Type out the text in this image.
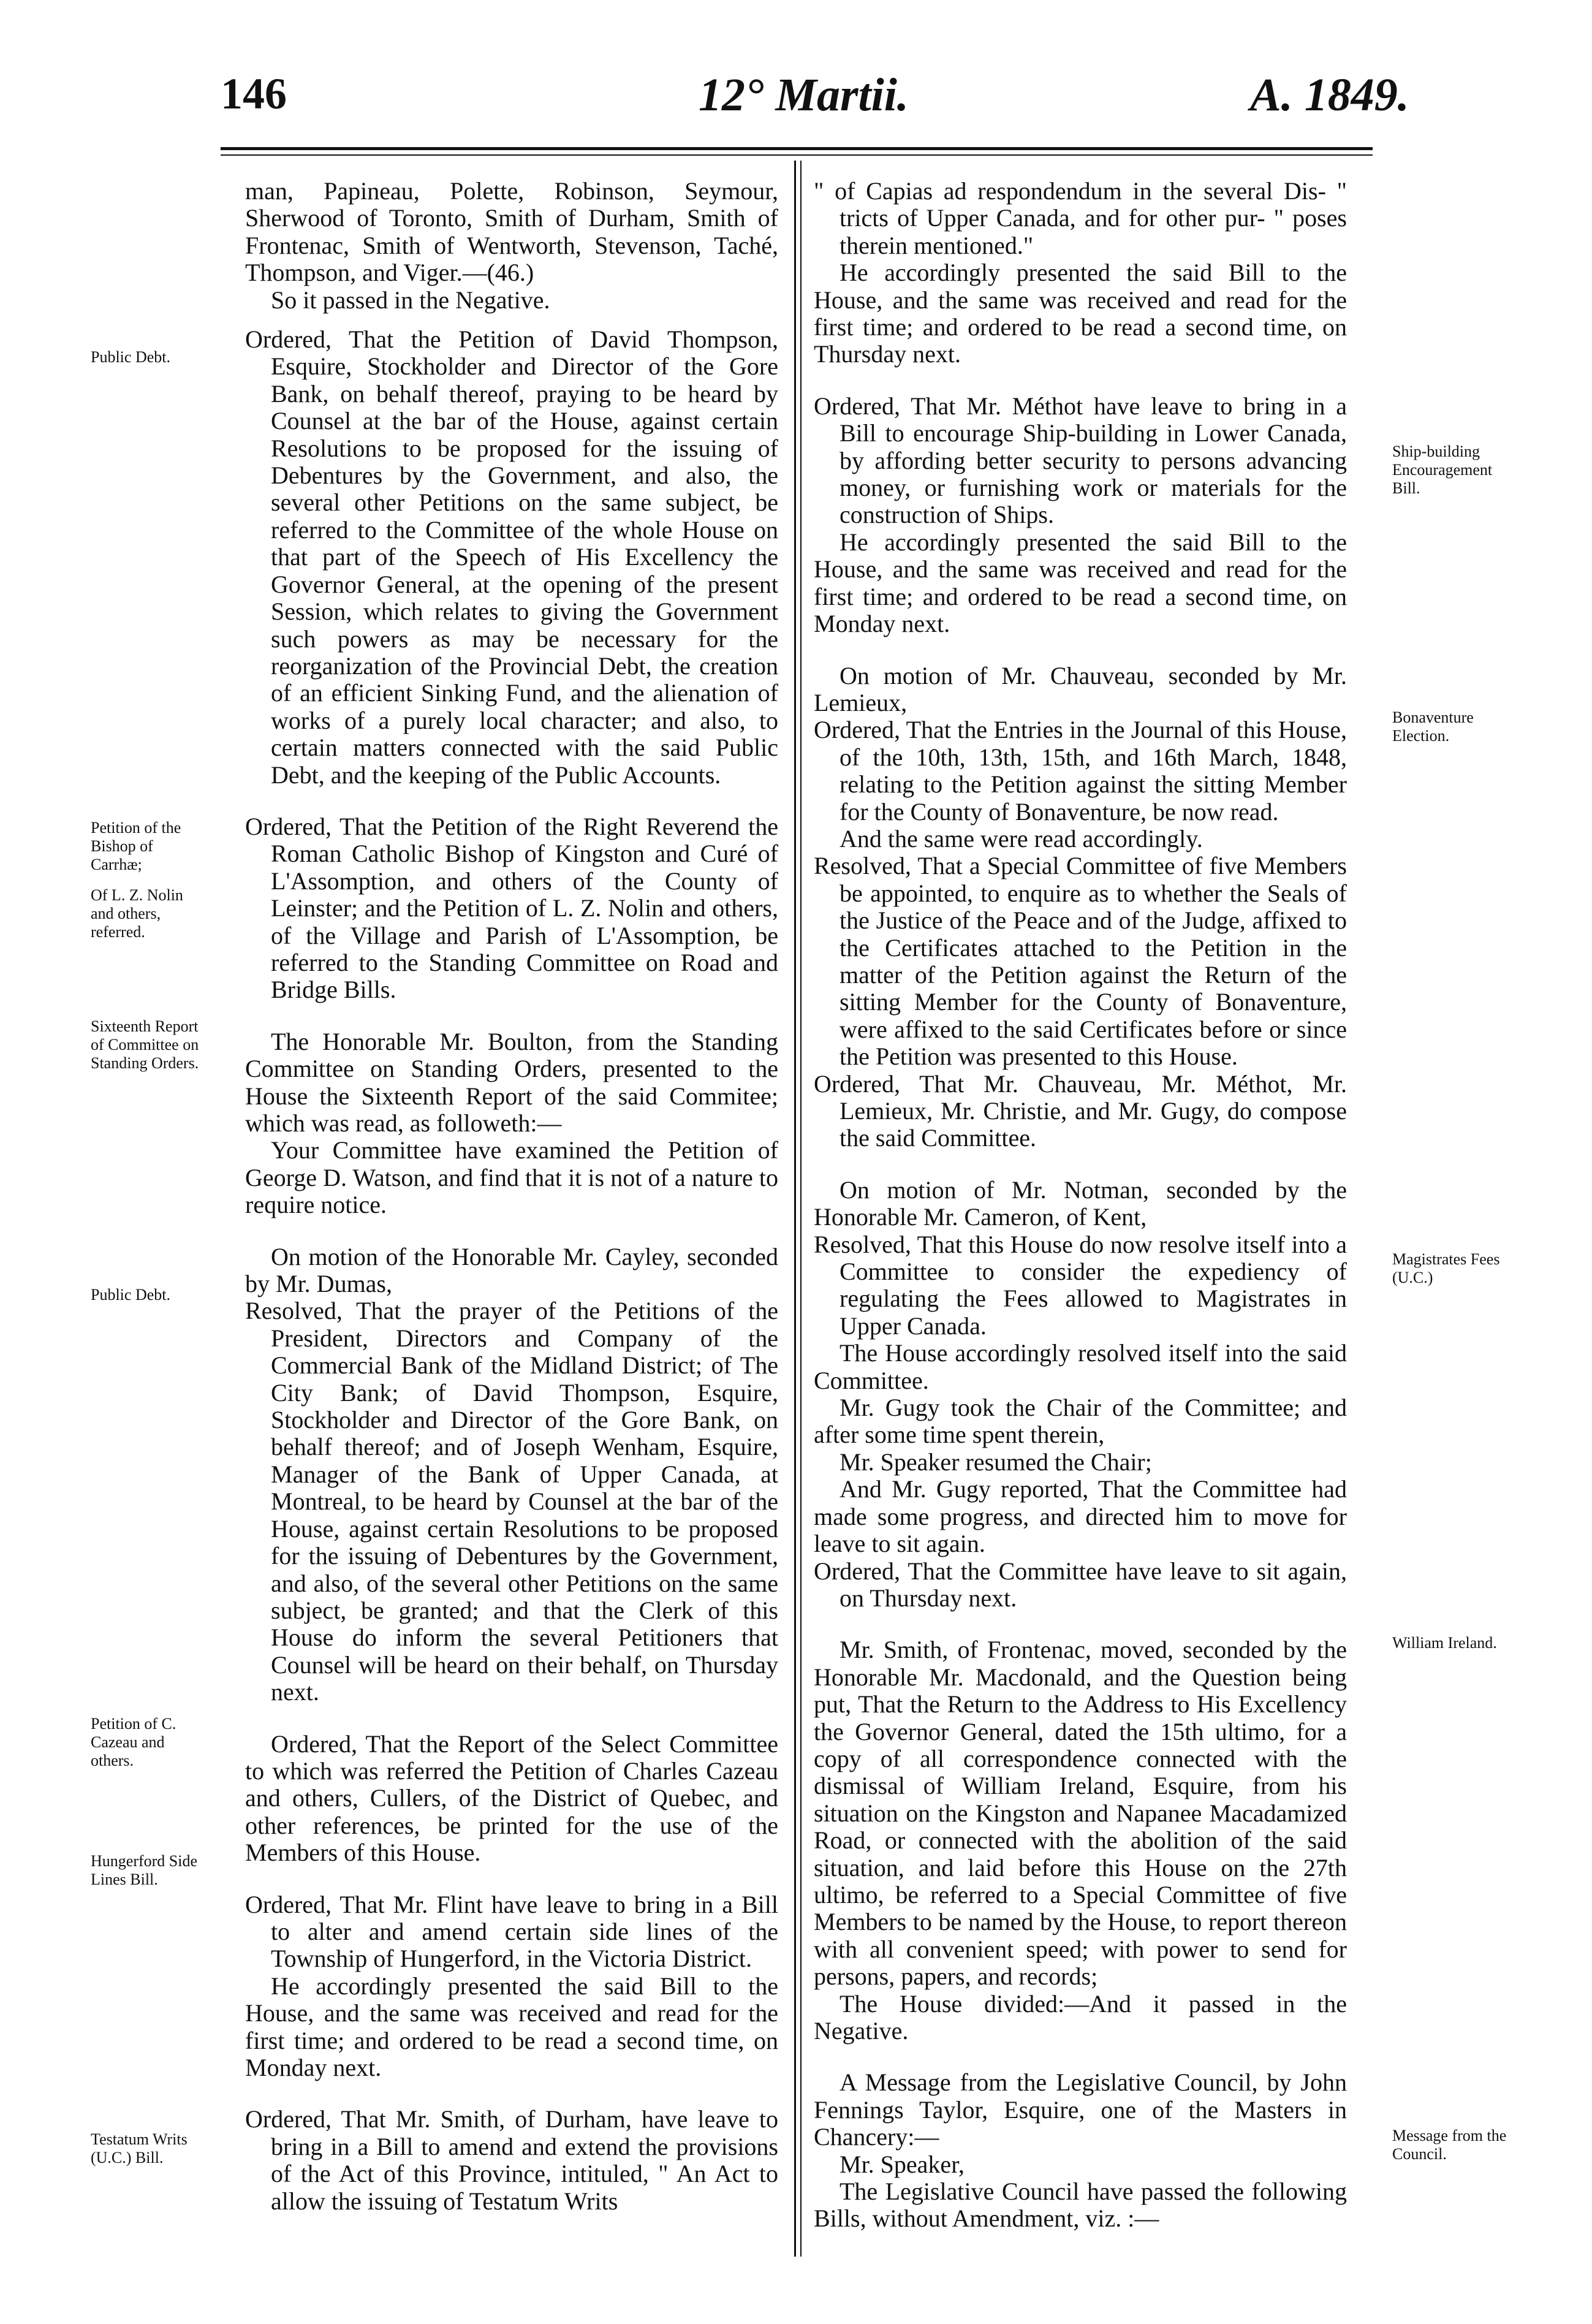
146	12° Martii.	A. 1849.

man, Papineau, Polette, Robinson, Seymour, Sherwood of Toronto, Smith of Durham, Smith of Frontenac, Smith of Wentworth, Stevenson, Taché, Thompson, and Viger.—(46.)

So it passed in the Negative.

Ordered, That the Petition of David Thompson, Esquire, Stockholder and Director of the Gore Bank, on behalf thereof, praying to be heard by Counsel at the bar of the House, against certain Resolutions to be proposed for the issuing of Debentures by the Government, and also, the several other Petitions on the same subject, be referred to the Committee of the whole House on that part of the Speech of His Excellency the Governor General, at the opening of the present Session, which relates to giving the Government such powers as may be necessary for the reorganization of the Provincial Debt, the creation of an efficient Sinking Fund, and the alienation of works of a purely local character; and also, to certain matters connected with the said Public Debt, and the keeping of the Public Accounts.

Ordered, That the Petition of the Right Reverend the Roman Catholic Bishop of Kingston and Curé of L'Assomption, and others of the County of Leinster; and the Petition of L. Z. Nolin and others, of the Village and Parish of L'Assomption, be referred to the Standing Committee on Road and Bridge Bills.

The Honorable Mr. Boulton, from the Standing Committee on Standing Orders, presented to the House the Sixteenth Report of the said Commitee; which was read, as followeth:—

Your Committee have examined the Petition of George D. Watson, and find that it is not of a nature to require notice.

On motion of the Honorable Mr. Cayley, seconded by Mr. Dumas,

Resolved, That the prayer of the Petitions of the President, Directors and Company of the Commercial Bank of the Midland District; of The City Bank; of David Thompson, Esquire, Stockholder and Director of the Gore Bank, on behalf thereof; and of Joseph Wenham, Esquire, Manager of the Bank of Upper Canada, at Montreal, to be heard by Counsel at the bar of the House, against certain Resolutions to be proposed for the issuing of Debentures by the Government, and also, of the several other Petitions on the same subject, be granted; and that the Clerk of this House do inform the several Petitioners that Counsel will be heard on their behalf, on Thursday next.

Ordered, That the Report of the Select Committee to which was referred the Petition of Charles Cazeau and others, Cullers, of the District of Quebec, and other references, be printed for the use of the Members of this House.

Ordered, That Mr. Flint have leave to bring in a Bill to alter and amend certain side lines of the Township of Hungerford, in the Victoria District.

He accordingly presented the said Bill to the House, and the same was received and read for the first time; and ordered to be read a second time, on Monday next.

Ordered, That Mr. Smith, of Durham, have leave to bring in a Bill to amend and extend the provisions of the Act of this Province, intituled, " An Act to allow the issuing of Testatum Writs

" of Capias ad respondendum in the several Dis- " tricts of Upper Canada, and for other pur- " poses therein mentioned."

He accordingly presented the said Bill to the House, and the same was received and read for the first time; and ordered to be read a second time, on Thursday next.

Ordered, That Mr. Méthot have leave to bring in a Bill to encourage Ship-building in Lower Canada, by affording better security to persons advancing money, or furnishing work or materials for the construction of Ships.

He accordingly presented the said Bill to the House, and the same was received and read for the first time; and ordered to be read a second time, on Monday next.

On motion of Mr. Chauveau, seconded by Mr. Lemieux,

Ordered, That the Entries in the Journal of this House, of the 10th, 13th, 15th, and 16th March, 1848, relating to the Petition against the sitting Member for the County of Bonaventure, be now read.

And the same were read accordingly.

Resolved, That a Special Committee of five Members be appointed, to enquire as to whether the Seals of the Justice of the Peace and of the Judge, affixed to the Certificates attached to the Petition in the matter of the Petition against the Return of the sitting Member for the County of Bonaventure, were affixed to the said Certificates before or since the Petition was presented to this House.

Ordered, That Mr. Chauveau, Mr. Méthot, Mr. Lemieux, Mr. Christie, and Mr. Gugy, do compose the said Committee.

On motion of Mr. Notman, seconded by the Honorable Mr. Cameron, of Kent,

Resolved, That this House do now resolve itself into a Committee to consider the expediency of regulating the Fees allowed to Magistrates in Upper Canada.

The House accordingly resolved itself into the said Committee.

Mr. Gugy took the Chair of the Committee; and after some time spent therein,

Mr. Speaker resumed the Chair;

And Mr. Gugy reported, That the Committee had made some progress, and directed him to move for leave to sit again.

Ordered, That the Committee have leave to sit again, on Thursday next.

Mr. Smith, of Frontenac, moved, seconded by the Honorable Mr. Macdonald, and the Question being put, That the Return to the Address to His Excellency the Governor General, dated the 15th ultimo, for a copy of all correspondence connected with the dismissal of William Ireland, Esquire, from his situation on the Kingston and Napanee Macadamized Road, or connected with the abolition of the said situation, and laid before this House on the 27th ultimo, be referred to a Special Committee of five Members to be named by the House, to report thereon with all convenient speed; with power to send for persons, papers, and records;

The House divided:—And it passed in the Negative.

A Message from the Legislative Council, by John Fennings Taylor, Esquire, one of the Masters in Chancery:—

Mr. Speaker,

The Legislative Council have passed the following Bills, without Amendment, viz. :—

Public Debt.
Petition of the Bishop of Carrhæ;
Of L. Z. Nolin and others, referred.
Sixteenth Report of Committee on Standing Orders.
Public Debt.
Petition of C. Cazeau and others.
Hungerford Side Lines Bill.
Testatum Writs (U.C.) Bill.
Ship-building Encouragement Bill.
Bonaventure Election.
Magistrates Fees (U.C.)
William Ireland.
Message from the Council.
